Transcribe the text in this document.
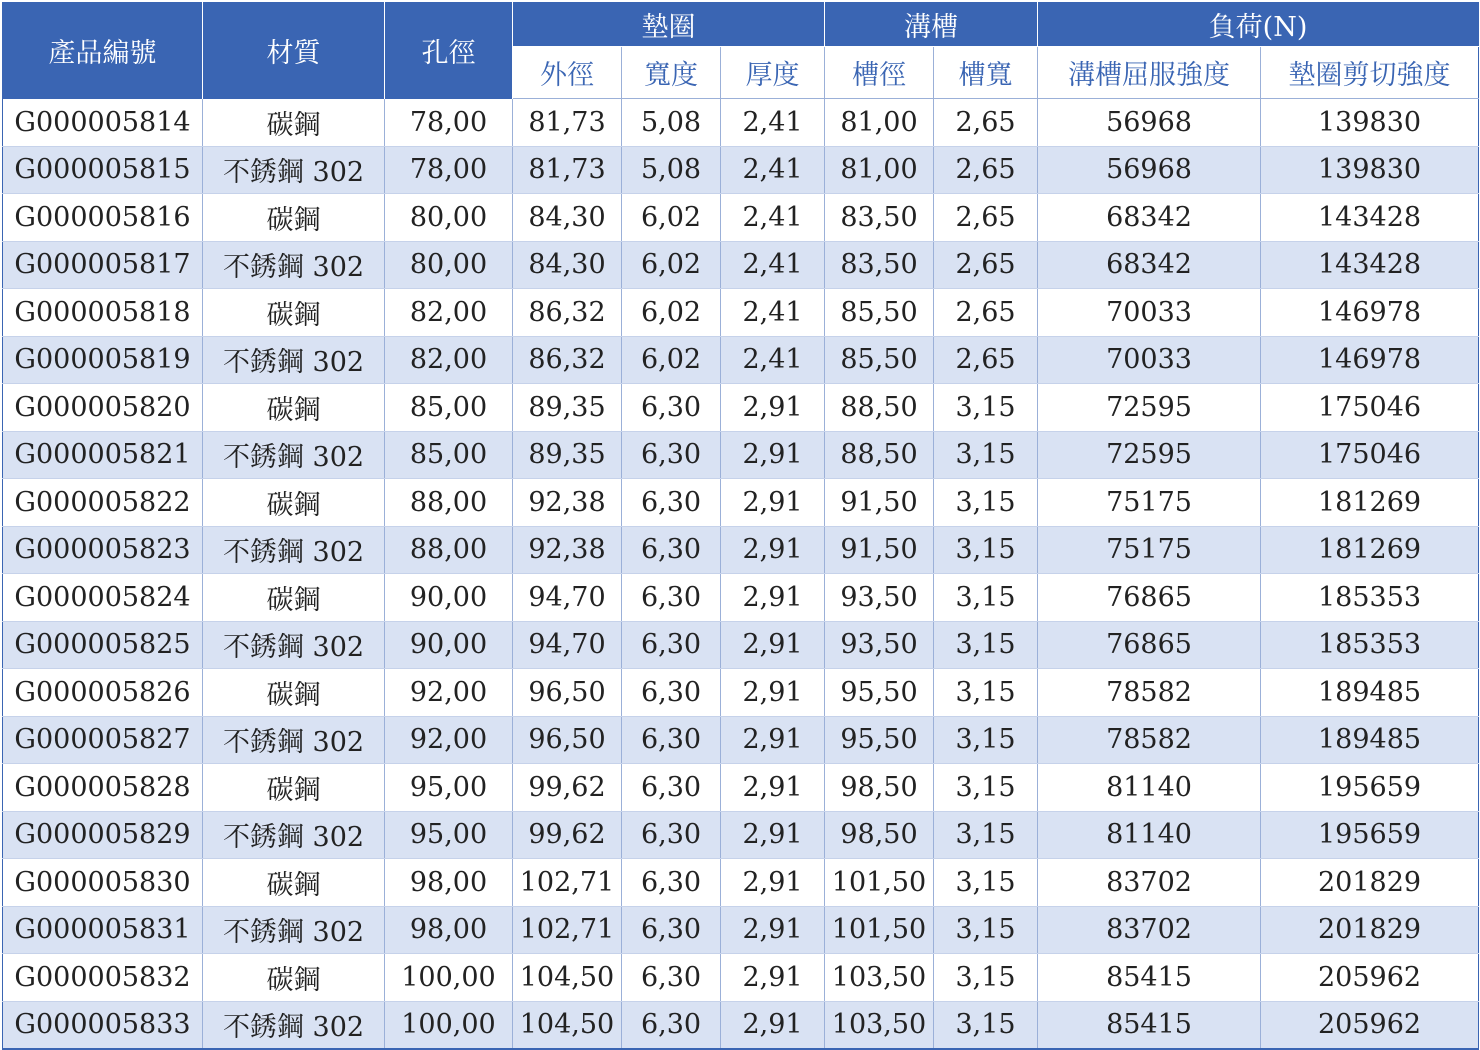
產品編號	材質	孔徑	墊圈			溝槽		負荷(N)	
			外徑	寬度	厚度	槽徑	槽寬	溝槽屈服強度	墊圈剪切強度
G000005814	碳鋼	78,00	81,73	5,08	2,41	81,00	2,65	56968	139830
G000005815	不銹鋼 302	78,00	81,73	5,08	2,41	81,00	2,65	56968	139830
G000005816	碳鋼	80,00	84,30	6,02	2,41	83,50	2,65	68342	143428
G000005817	不銹鋼 302	80,00	84,30	6,02	2,41	83,50	2,65	68342	143428
G000005818	碳鋼	82,00	86,32	6,02	2,41	85,50	2,65	70033	146978
G000005819	不銹鋼 302	82,00	86,32	6,02	2,41	85,50	2,65	70033	146978
G000005820	碳鋼	85,00	89,35	6,30	2,91	88,50	3,15	72595	175046
G000005821	不銹鋼 302	85,00	89,35	6,30	2,91	88,50	3,15	72595	175046
G000005822	碳鋼	88,00	92,38	6,30	2,91	91,50	3,15	75175	181269
G000005823	不銹鋼 302	88,00	92,38	6,30	2,91	91,50	3,15	75175	181269
G000005824	碳鋼	90,00	94,70	6,30	2,91	93,50	3,15	76865	185353
G000005825	不銹鋼 302	90,00	94,70	6,30	2,91	93,50	3,15	76865	185353
G000005826	碳鋼	92,00	96,50	6,30	2,91	95,50	3,15	78582	189485
G000005827	不銹鋼 302	92,00	96,50	6,30	2,91	95,50	3,15	78582	189485
G000005828	碳鋼	95,00	99,62	6,30	2,91	98,50	3,15	81140	195659
G000005829	不銹鋼 302	95,00	99,62	6,30	2,91	98,50	3,15	81140	195659
G000005830	碳鋼	98,00	102,71	6,30	2,91	101,50	3,15	83702	201829
G000005831	不銹鋼 302	98,00	102,71	6,30	2,91	101,50	3,15	83702	201829
G000005832	碳鋼	100,00	104,50	6,30	2,91	103,50	3,15	85415	205962
G000005833	不銹鋼 302	100,00	104,50	6,30	2,91	103,50	3,15	85415	205962
